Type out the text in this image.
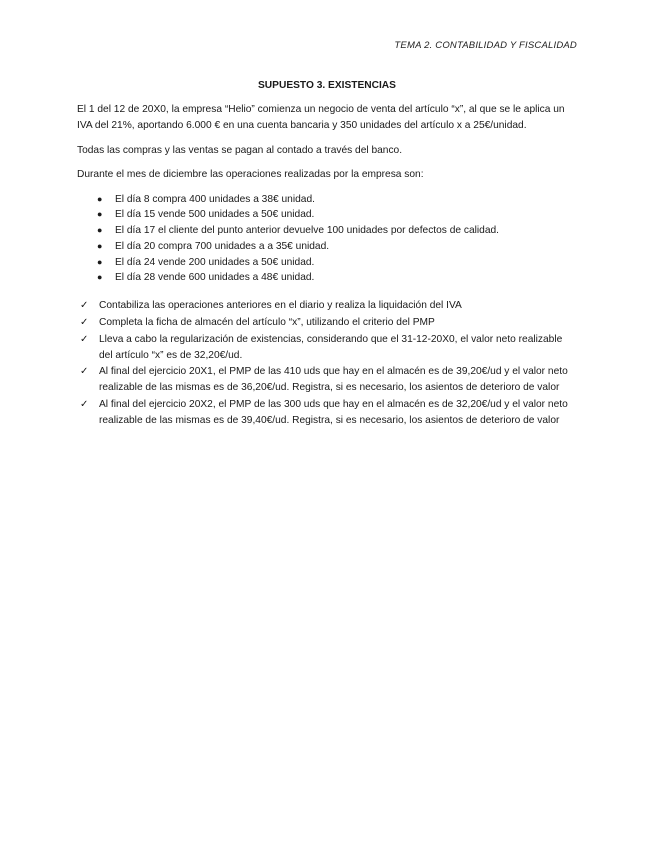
TEMA 2. CONTABILIDAD Y FISCALIDAD
SUPUESTO 3. EXISTENCIAS

El 1 del 12 de 20X0, la empresa “Helio” comienza un negocio de venta del artículo “x”, al que se le aplica un IVA del 21%, aportando 6.000 € en una cuenta bancaria y 350 unidades del artículo x a 25€/unidad.

Todas las compras y las ventas se pagan al contado a través del banco.

Durante el mes de diciembre las operaciones realizadas por la empresa son:

● El día 8 compra 400 unidades a 38€ unidad.
● El día 15 vende 500 unidades a 50€ unidad.
● El día 17 el cliente del punto anterior devuelve 100 unidades por defectos de calidad.
● El día 20 compra 700 unidades a a 35€ unidad.
● El día 24 vende 200 unidades a 50€ unidad.
● El día 28 vende 600 unidades a 48€ unidad.
✓ Contabiliza las operaciones anteriores en el diario y realiza la liquidación del IVA
✓ Completa la ficha de almacén del artículo “x”, utilizando el criterio del PMP
✓ Lleva a cabo la regularización de existencias, considerando que el 31-12-20X0, el valor neto realizable del artículo “x” es de 32,20€/ud.
✓ Al final del ejercicio 20X1, el PMP de las 410 uds que hay en el almacén es de 39,20€/ud y el valor neto realizable de las mismas es de 36,20€/ud. Registra, si es necesario, los asientos de deterioro de valor
✓ Al final del ejercicio 20X2, el PMP de las 300 uds que hay en el almacén es de 32,20€/ud y el valor neto realizable de las mismas es de 39,40€/ud. Registra, si es necesario, los asientos de deterioro de valor
